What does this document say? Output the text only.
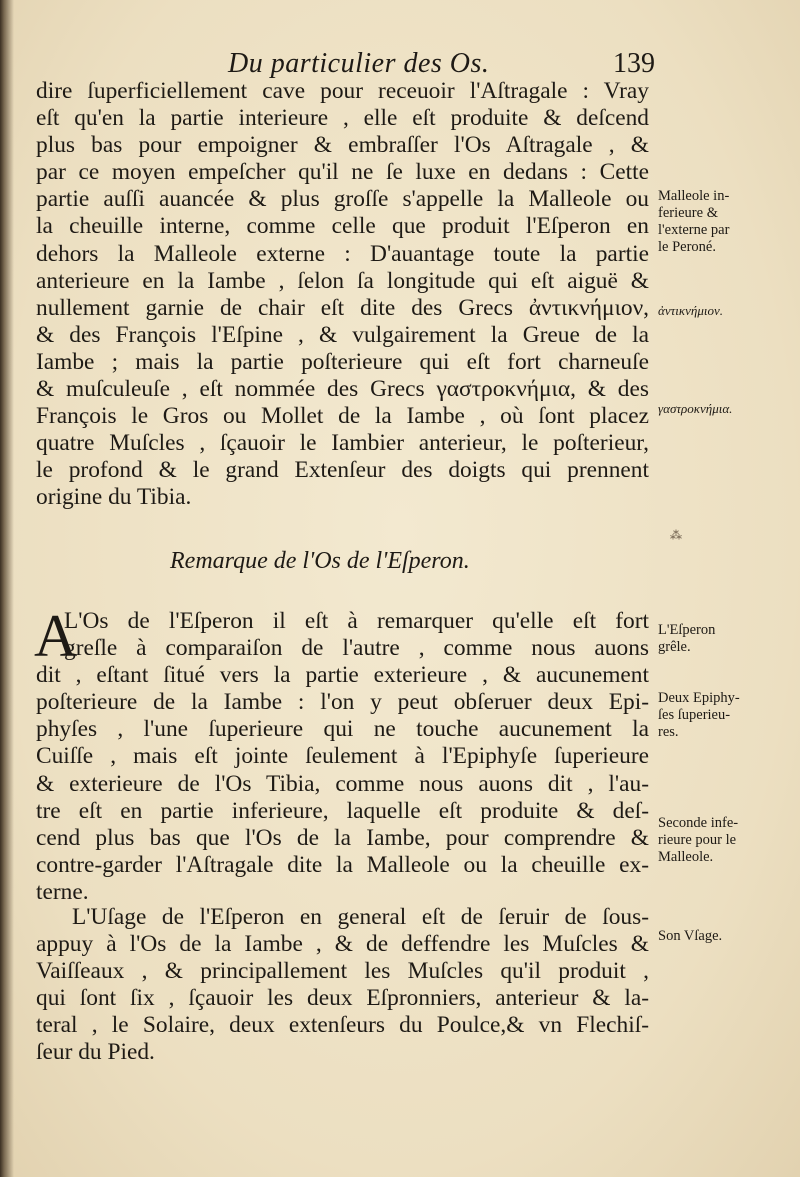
Du particulier des Os.	139
dire ſuperficiellement cave pour receuoir l'Aſtragale : Vray
eſt qu'en la partie interieure , elle eſt produite & deſcend
plus bas pour empoigner & embraſſer l'Os Aſtragale , &
par ce moyen empeſcher qu'il ne ſe luxe en dedans : Cette
partie auſſi auancée & plus groſſe s'appelle la Malleole ou
la cheuille interne, comme celle que produit l'Eſperon en
dehors la Malleole externe : D'auantage toute la partie
anterieure en la Iambe , ſelon ſa longitude qui eſt aiguë &
nullement garnie de chair eſt dite des Grecs ἀντικνήμιον,
& des François l'Eſpine , & vulgairement la Greue de la
Iambe ; mais la partie poſterieure qui eſt fort charneuſe
& muſculeuſe , eſt nommée des Grecs γαστροκνήμια, & des
François le Gros ou Mollet de la Iambe , où ſont placez
quatre Muſcles , ſçauoir le Iambier anterieur, le poſterieur,
le profond & le grand Extenſeur des doigts qui prennent
origine du Tibia.
Remarque de l'Os de l'Eſperon.
A
L'Os de l'Eſperon il eſt à remarquer qu'elle eſt fort
greſle à comparaiſon de l'autre , comme nous auons
dit , eſtant ſitué vers la partie exterieure , & aucunement
poſterieure de la Iambe : l'on y peut obſeruer deux Epi-
phyſes , l'une ſuperieure qui ne touche aucunement la
Cuiſſe , mais eſt jointe ſeulement à l'Epiphyſe ſuperieure
& exterieure de l'Os Tibia, comme nous auons dit , l'au-
tre eſt en partie inferieure, laquelle eſt produite & deſ-
cend plus bas que l'Os de la Iambe, pour comprendre &
contre-garder l'Aſtragale dite la Malleole ou la cheuille ex-
terne.
L'Uſage de l'Eſperon en general eſt de ſeruir de ſous-
appuy à l'Os de la Iambe , & de deffendre les Muſcles &
Vaiſſeaux , & principallement les Muſcles qu'il produit ,
qui ſont ſix , ſçauoir les deux Eſpronniers, anterieur & la-
teral , le Solaire, deux extenſeurs du Poulce,& vn Flechiſ-
ſeur du Pied.
Malleole in-
ferieure &
l'externe par
le Peroné.
ἀντικνήμιον.
γαστροκνήμια.
⁂
L'Eſperon
grêle.
Deux Epiphy-
ſes ſuperieu-
res.
Seconde infe-
rieure pour le
Malleole.
Son Vſage.
